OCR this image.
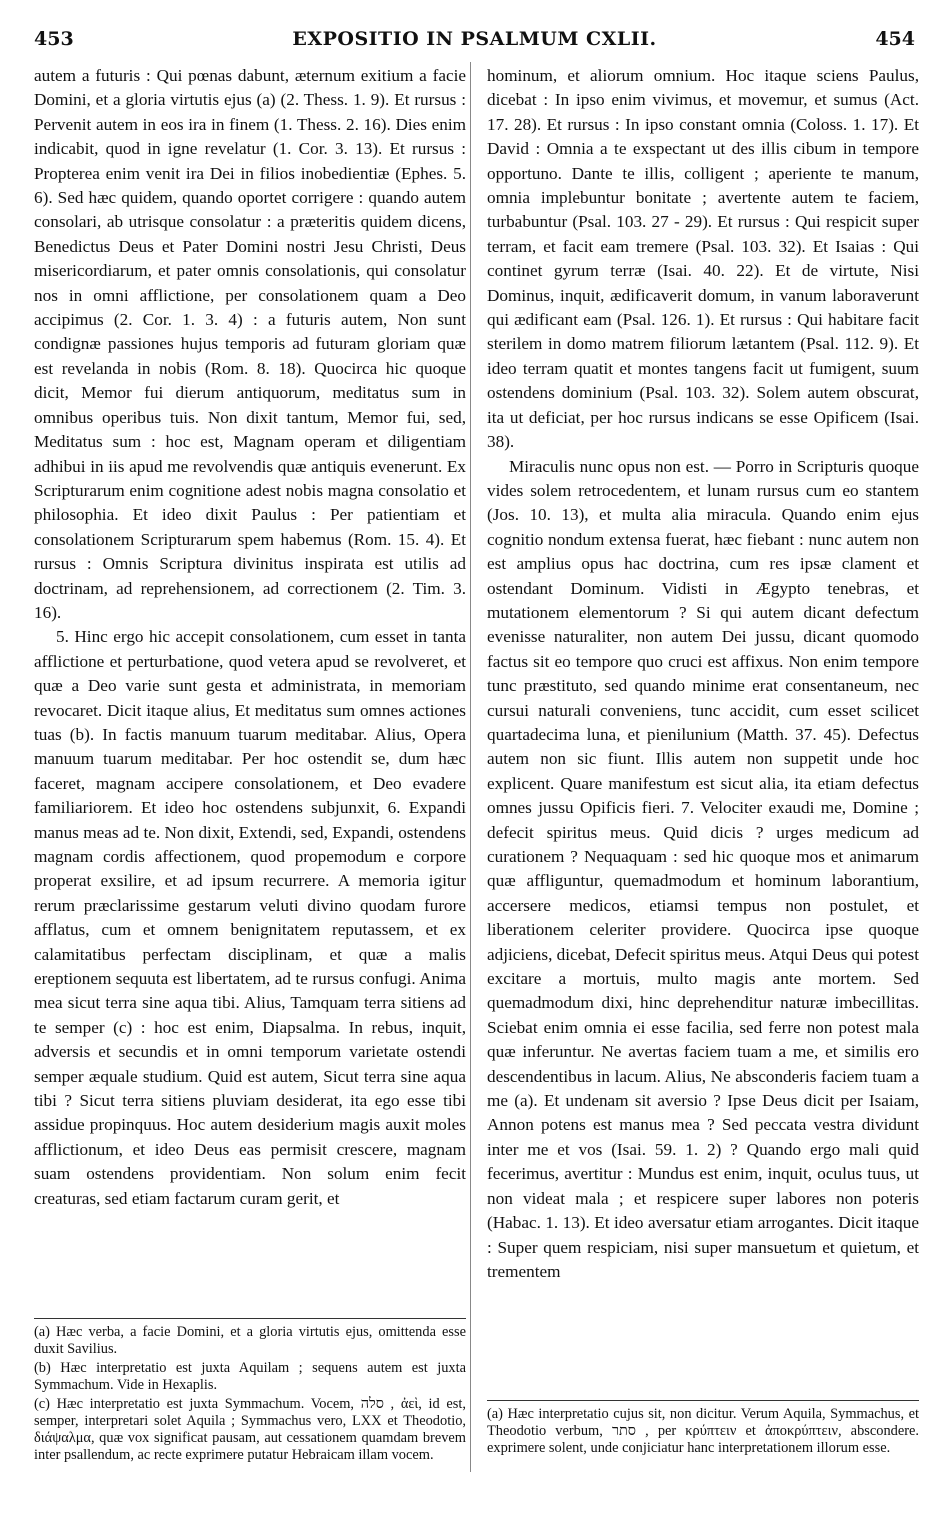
453	EXPOSITIO IN PSALMUM CXLII.	454

autem a futuris : Qui pœnas dabunt, æternum exitium a facie Domini, et a gloria virtutis ejus (a) (2. Thess. 1. 9). Et rursus : Pervenit autem in eos ira in finem (1. Thess. 2. 16). Dies enim indicabit, quod in igne revelatur (1. Cor. 3. 13). Et rursus : Propterea enim venit ira Dei in filios inobedientiæ (Ephes. 5. 6). Sed hæc quidem, quando oportet corrigere : quando autem consolari, ab utrisque consolatur : a præteritis quidem dicens, Benedictus Deus et Pater Domini nostri Jesu Christi, Deus misericordiarum, et pater omnis consolationis, qui consolatur nos in omni afflictione, per consolationem quam a Deo accipimus (2. Cor. 1. 3. 4) : a futuris autem, Non sunt condignæ passiones hujus temporis ad futuram gloriam quæ est revelanda in nobis (Rom. 8. 18). Quocirca hic quoque dicit, Memor fui dierum antiquorum, meditatus sum in omnibus operibus tuis. Non dixit tantum, Memor fui, sed, Meditatus sum : hoc est, Magnam operam et diligentiam adhibui in iis apud me revolvendis quæ antiquis evenerunt. Ex Scripturarum enim cognitione adest nobis magna consolatio et philosophia. Et ideo dixit Paulus : Per patientiam et consolationem Scripturarum spem habemus (Rom. 15. 4). Et rursus : Omnis Scriptura divinitus inspirata est utilis ad doctrinam, ad reprehensionem, ad correctionem (2. Tim. 3. 16).

5. Hinc ergo hic accepit consolationem, cum esset in tanta afflictione et perturbatione, quod vetera apud se revolveret, et quæ a Deo varie sunt gesta et administrata, in memoriam revocaret. Dicit itaque alius, Et meditatus sum omnes actiones tuas (b). In factis manuum tuarum meditabar. Alius, Opera manuum tuarum meditabar. Per hoc ostendit se, dum hæc faceret, magnam accipere consolationem, et Deo evadere familiariorem. Et ideo hoc ostendens subjunxit, 6. Expandi manus meas ad te. Non dixit, Extendi, sed, Expandi, ostendens magnam cordis affectionem, quod propemodum e corpore properat exsilire, et ad ipsum recurrere. A memoria igitur rerum præclarissime gestarum veluti divino quodam furore afflatus, cum et omnem benignitatem reputassem, et ex calamitatibus perfectam disciplinam, et quæ a malis ereptionem sequuta est libertatem, ad te rursus confugi. Anima mea sicut terra sine aqua tibi. Alius, Tamquam terra sitiens ad te semper (c) : hoc est enim, Diapsalma. In rebus, inquit, adversis et secundis et in omni temporum varietate ostendi semper æquale studium. Quid est autem, Sicut terra sine aqua tibi ? Sicut terra sitiens pluviam desiderat, ita ego esse tibi assidue propinquus. Hoc autem desiderium magis auxit moles afflictionum, et ideo Deus eas permisit crescere, magnam suam ostendens providentiam. Non solum enim fecit creaturas, sed etiam factarum curam gerit, et

hominum, et aliorum omnium. Hoc itaque sciens Paulus, dicebat : In ipso enim vivimus, et movemur, et sumus (Act. 17. 28). Et rursus : In ipso constant omnia (Coloss. 1. 17). Et David : Omnia a te exspectant ut des illis cibum in tempore opportuno. Dante te illis, colligent ; aperiente te manum, omnia implebuntur bonitate ; avertente autem te faciem, turbabuntur (Psal. 103. 27 - 29). Et rursus : Qui respicit super terram, et facit eam tremere (Psal. 103. 32). Et Isaias : Qui continet gyrum terræ (Isai. 40. 22). Et de virtute, Nisi Dominus, inquit, ædificaverit domum, in vanum laboraverunt qui ædificant eam (Psal. 126. 1). Et rursus : Qui habitare facit sterilem in domo matrem filiorum lætantem (Psal. 112. 9). Et ideo terram quatit et montes tangens facit ut fumigent, suum ostendens dominium (Psal. 103. 32). Solem autem obscurat, ita ut deficiat, per hoc rursus indicans se esse Opificem (Isai. 38).

Miraculis nunc opus non est. — Porro in Scripturis quoque vides solem retrocedentem, et lunam rursus cum eo stantem (Jos. 10. 13), et multa alia miracula. Quando enim ejus cognitio nondum extensa fuerat, hæc fiebant : nunc autem non est amplius opus hac doctrina, cum res ipsæ clament et ostendant Dominum. Vidisti in Ægypto tenebras, et mutationem elementorum ? Si qui autem dicant defectum evenisse naturaliter, non autem Dei jussu, dicant quomodo factus sit eo tempore quo cruci est affixus. Non enim tempore tunc præstituto, sed quando minime erat consentaneum, nec cursui naturali conveniens, tunc accidit, cum esset scilicet quartadecima luna, et pienilunium (Matth. 37. 45). Defectus autem non sic fiunt. Illis autem non suppetit unde hoc explicent. Quare manifestum est sicut alia, ita etiam defectus omnes jussu Opificis fieri. 7. Velociter exaudi me, Domine ; defecit spiritus meus. Quid dicis ? urges medicum ad curationem ? Nequaquam : sed hic quoque mos et animarum quæ affliguntur, quemadmodum et hominum laborantium, accersere medicos, etiamsi tempus non postulet, et liberationem celeriter providere. Quocirca ipse quoque adjiciens, dicebat, Defecit spiritus meus. Atqui Deus qui potest excitare a mortuis, multo magis ante mortem. Sed quemadmodum dixi, hinc deprehenditur naturæ imbecillitas. Sciebat enim omnia ei esse facilia, sed ferre non potest mala quæ inferuntur. Ne avertas faciem tuam a me, et similis ero descendentibus in lacum. Alius, Ne absconderis faciem tuam a me (a). Et undenam sit aversio ? Ipse Deus dicit per Isaiam, Annon potens est manus mea ? Sed peccata vestra dividunt inter me et vos (Isai. 59. 1. 2) ? Quando ergo mali quid fecerimus, avertitur : Mundus est enim, inquit, oculus tuus, ut non videat mala ; et respicere super labores non poteris (Habac. 1. 13). Et ideo aversatur etiam arrogantes. Dicit itaque : Super quem respiciam, nisi super mansuetum et quietum, et trementem

(a) Hæc verba, a facie Domini, et a gloria virtutis ejus, omittenda esse duxit Savilius.

(b) Hæc interpretatio est juxta Aquilam ; sequens autem est juxta Symmachum. Vide in Hexaplis.

(c) Hæc interpretatio est juxta Symmachum. Vocem, סלה , ἀεὶ, id est, semper, interpretari solet Aquila ; Symmachus vero, LXX et Theodotio, διάψαλμα, quæ vox significat pausam, aut cessationem quamdam brevem inter psallendum, ac recte exprimere putatur Hebraicam illam vocem.

(a) Hæc interpretatio cujus sit, non dicitur. Verum Aquila, Symmachus, et Theodotio verbum, סתר , per κρύπτειν et ἀποκρύπτειν, abscondere. exprimere solent, unde conjiciatur hanc interpretationem illorum esse.
